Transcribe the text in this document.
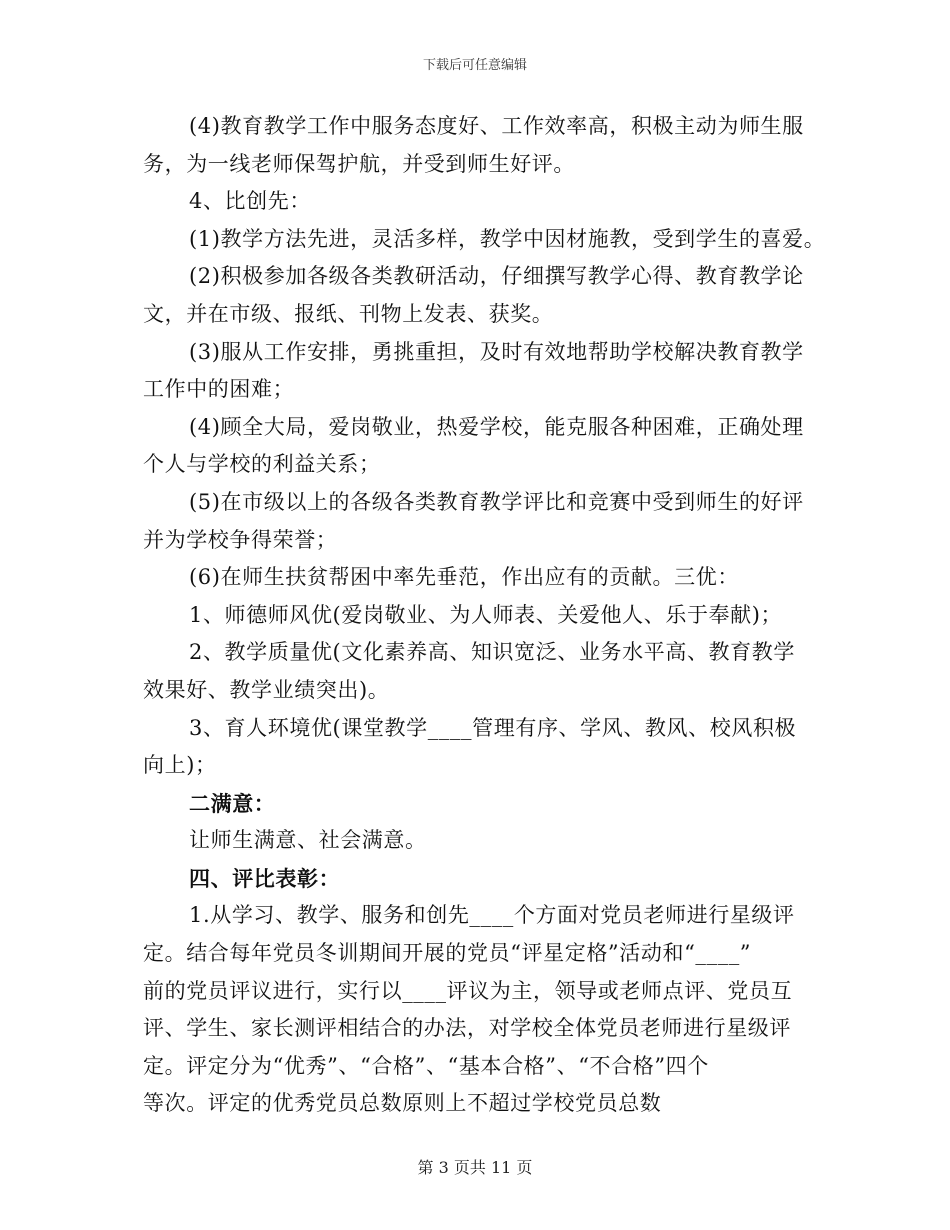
下载后可任意编辑
(4)教育教学工作中服务态度好、工作效率高，积极主动为师生服
务，为一线老师保驾护航，并受到师生好评。
4、比创先：
(1)教学方法先进，灵活多样，教学中因材施教，受到学生的喜爱。
(2)积极参加各级各类教研活动，仔细撰写教学心得、教育教学论
文，并在市级、报纸、刊物上发表、获奖。
(3)服从工作安排，勇挑重担，及时有效地帮助学校解决教育教学
工作中的困难；
(4)顾全大局，爱岗敬业，热爱学校，能克服各种困难，正确处理
个人与学校的利益关系；
(5)在市级以上的各级各类教育教学评比和竞赛中受到师生的好评
并为学校争得荣誉；
(6)在师生扶贫帮困中率先垂范，作出应有的贡献。三优：
1、师德师风优(爱岗敬业、为人师表、关爱他人、乐于奉献)；
2、教学质量优(文化素养高、知识宽泛、业务水平高、教育教学
效果好、教学业绩突出)。
3、育人环境优(课堂教学____管理有序、学风、教风、校风积极
向上)；
二满意：
让师生满意、社会满意。
四、评比表彰：
1.从学习、教学、服务和创先____个方面对党员老师进行星级评
定。结合每年党员冬训期间开展的党员“评星定格”活动和“____”
前的党员评议进行，实行以____评议为主，领导或老师点评、党员互
评、学生、家长测评相结合的办法，对学校全体党员老师进行星级评
定。评定分为“优秀”、“合格”、“基本合格”、“不合格”四个
等次。评定的优秀党员总数原则上不超过学校党员总数
第 3 页共 11 页
